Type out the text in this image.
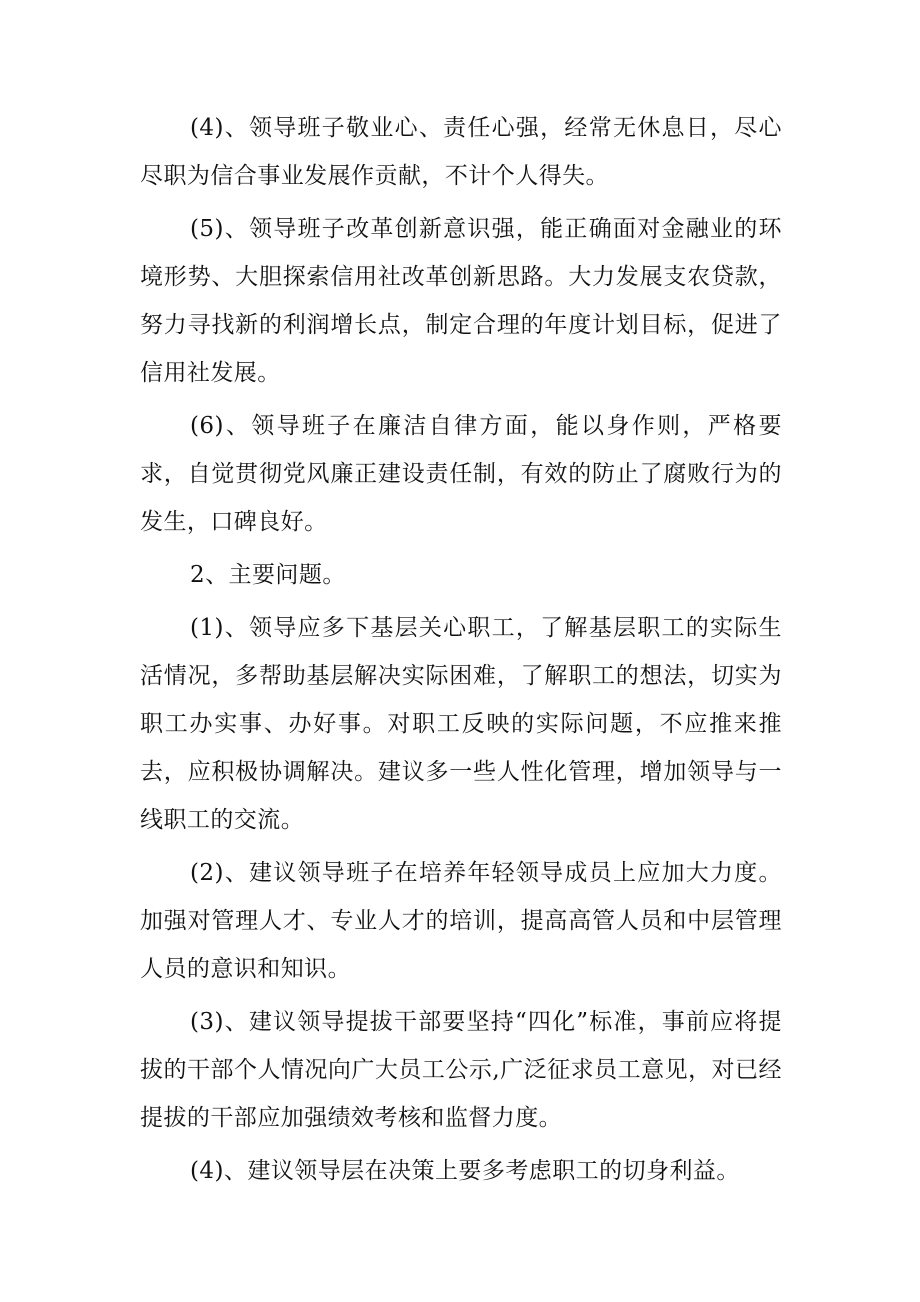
(4)、领导班子敬业心、责任心强，经常无休息日，尽心尽职为信合事业发展作贡献，不计个人得失。

(5)、领导班子改革创新意识强，能正确面对金融业的环境形势、大胆探索信用社改革创新思路。大力发展支农贷款，努力寻找新的利润增长点，制定合理的年度计划目标，促进了信用社发展。

(6)、领导班子在廉洁自律方面，能以身作则，严格要求，自觉贯彻党风廉正建设责任制，有效的防止了腐败行为的发生，口碑良好。

2、主要问题。

(1)、领导应多下基层关心职工，了解基层职工的实际生活情况，多帮助基层解决实际困难，了解职工的想法，切实为职工办实事、办好事。对职工反映的实际问题，不应推来推去，应积极协调解决。建议多一些人性化管理，增加领导与一线职工的交流。

(2)、建议领导班子在培养年轻领导成员上应加大力度。加强对管理人才、专业人才的培训，提高高管人员和中层管理人员的意识和知识。

(3)、建议领导提拔干部要坚持“四化”标准，事前应将提拔的干部个人情况向广大员工公示,广泛征求员工意见，对已经提拔的干部应加强绩效考核和监督力度。

(4)、建议领导层在决策上要多考虑职工的切身利益。
